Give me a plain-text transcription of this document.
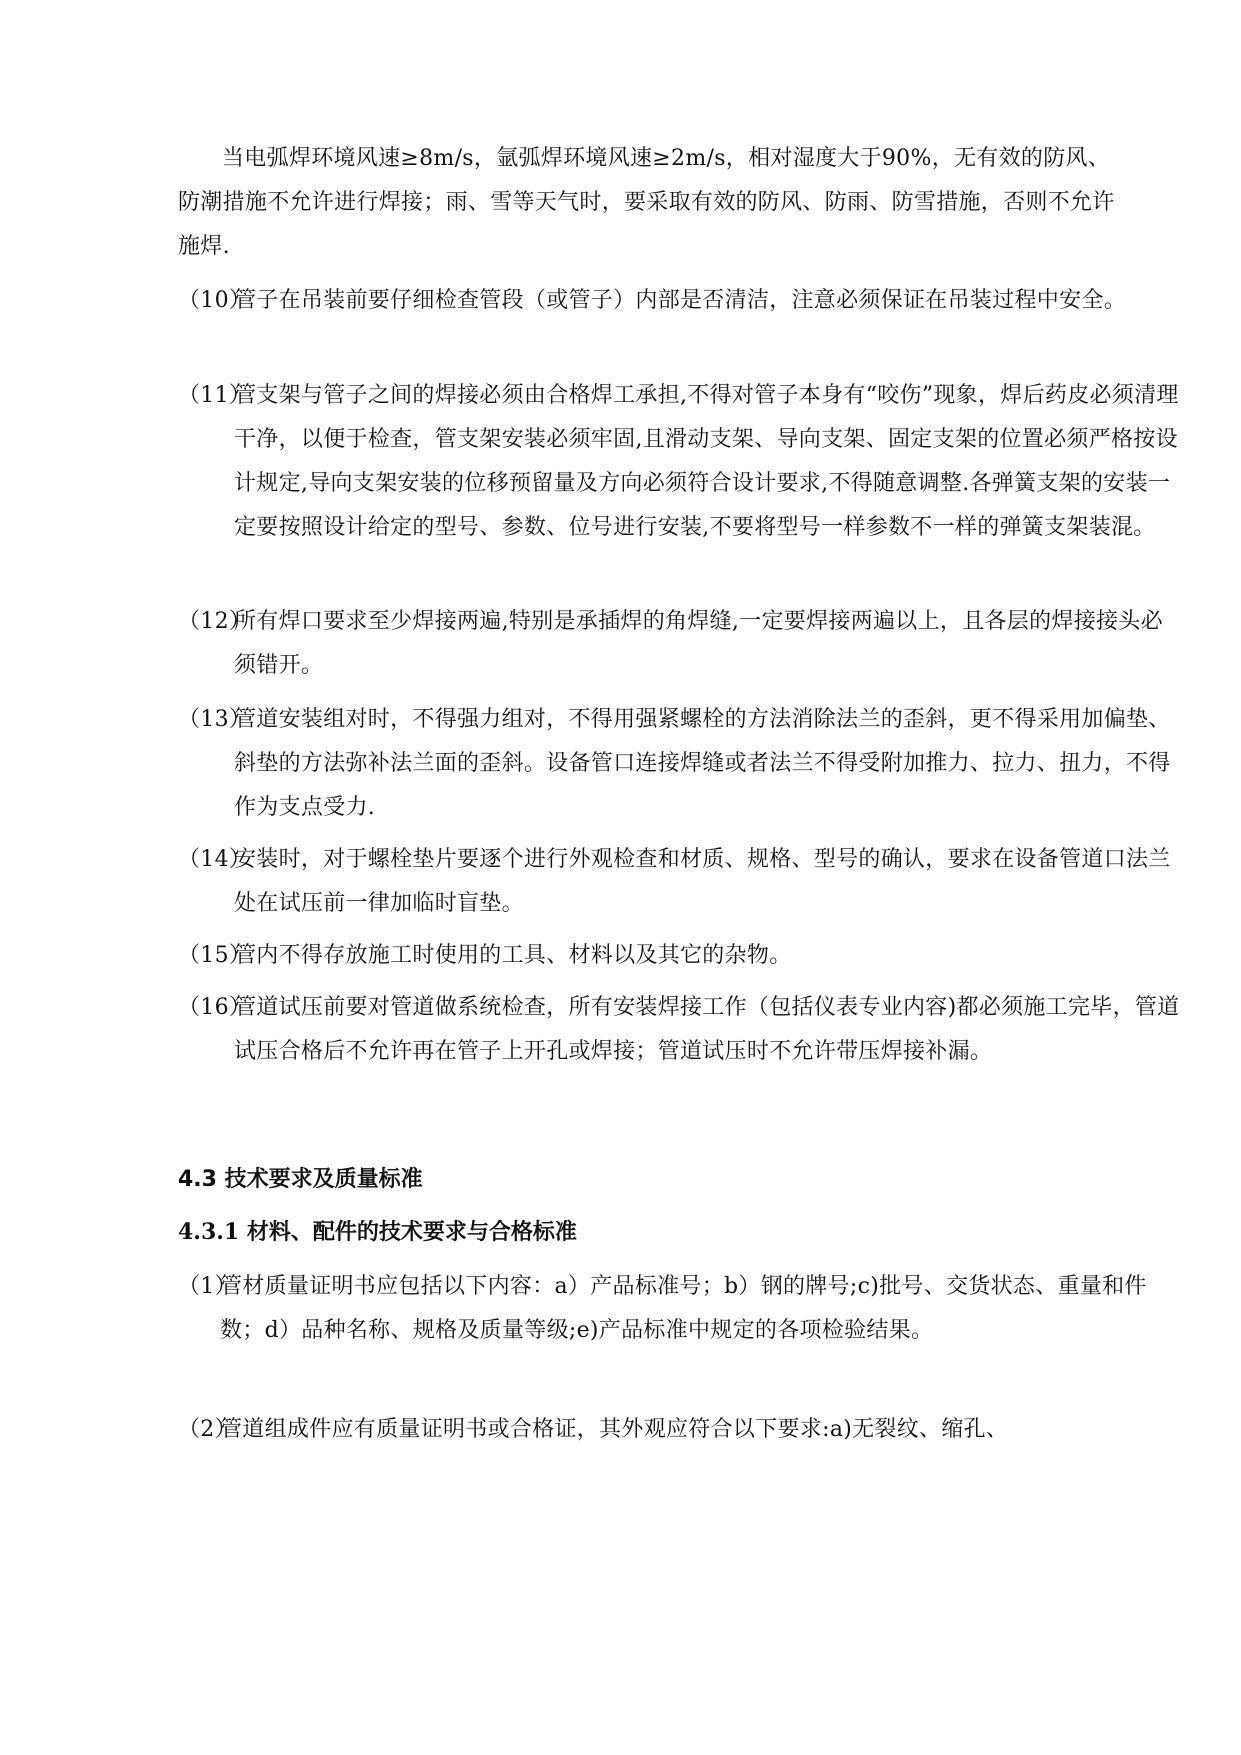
当电弧焊环境风速≥8m/s，氩弧焊环境风速≥2m/s，相对湿度大于90%，无有效的防风、防潮措施不允许进行焊接；雨、雪等天气时，要采取有效的防风、防雨、防雪措施，否则不允许施焊.

（10）管子在吊装前要仔细检查管段（或管子）内部是否清洁，注意必须保证在吊装过程中安全。

（11）管支架与管子之间的焊接必须由合格焊工承担,不得对管子本身有“咬伤”现象，焊后药皮必须清理干净，以便于检查，管支架安装必须牢固,且滑动支架、导向支架、固定支架的位置必须严格按设计规定,导向支架安装的位移预留量及方向必须符合设计要求,不得随意调整.各弹簧支架的安装一定要按照设计给定的型号、参数、位号进行安装,不要将型号一样参数不一样的弹簧支架装混。

（12）所有焊口要求至少焊接两遍,特别是承插焊的角焊缝,一定要焊接两遍以上，且各层的焊接接头必须错开。

（13）管道安装组对时，不得强力组对，不得用强紧螺栓的方法消除法兰的歪斜，更不得采用加偏垫、斜垫的方法弥补法兰面的歪斜。设备管口连接焊缝或者法兰不得受附加推力、拉力、扭力，不得作为支点受力.

（14）安装时，对于螺栓垫片要逐个进行外观检查和材质、规格、型号的确认，要求在设备管道口法兰处在试压前一律加临时盲垫。

（15）管内不得存放施工时使用的工具、材料以及其它的杂物。

（16）管道试压前要对管道做系统检查，所有安装焊接工作（包括仪表专业内容)都必须施工完毕，管道试压合格后不允许再在管子上开孔或焊接；管道试压时不允许带压焊接补漏。

4.3 技术要求及质量标准
4.3.1 材料、配件的技术要求与合格标准

（1）管材质量证明书应包括以下内容：a）产品标准号；b）钢的牌号;c)批号、交货状态、重量和件数；d）品种名称、规格及质量等级;e)产品标准中规定的各项检验结果。

（2）管道组成件应有质量证明书或合格证，其外观应符合以下要求:a)无裂纹、缩孔、
